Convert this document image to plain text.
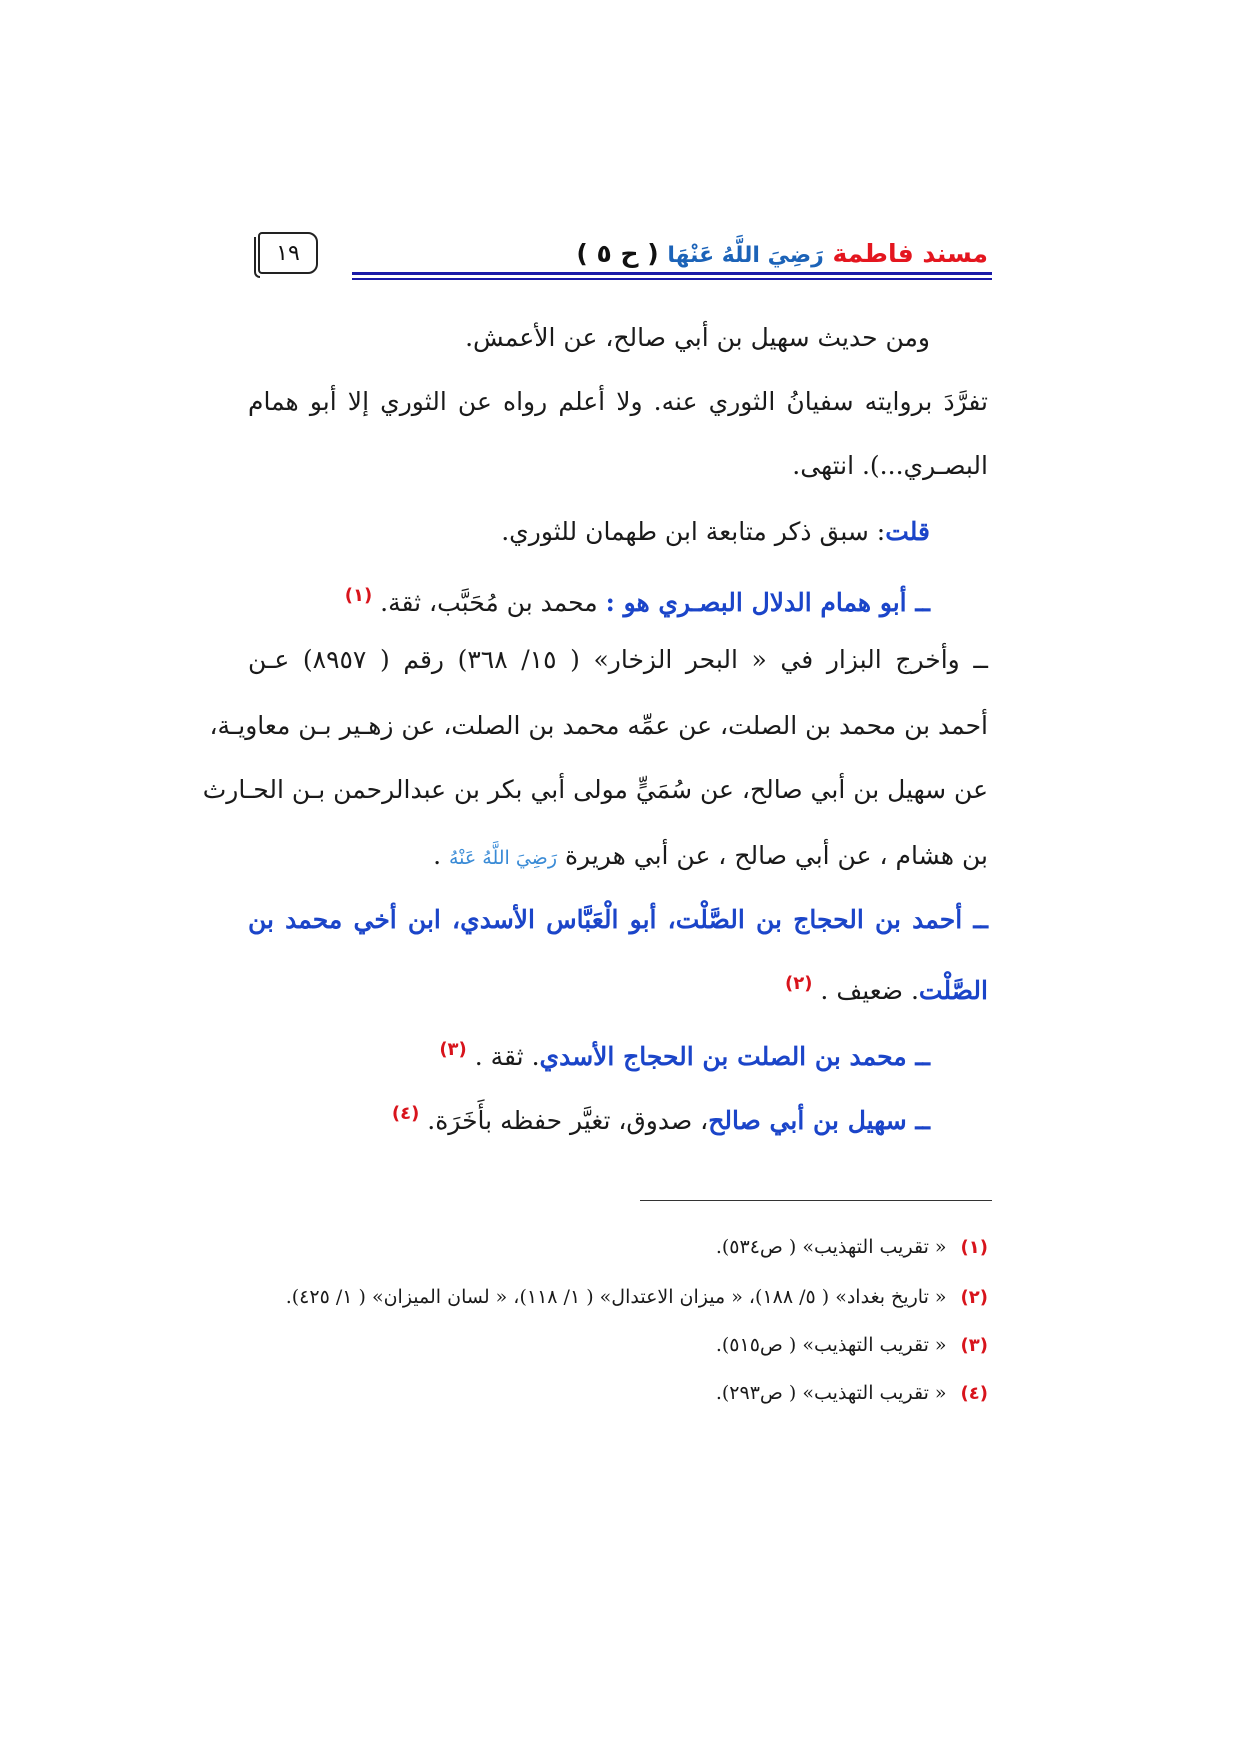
مسند فاطمة رَضِيَ اللَّهُ عَنْهَا ( ح ٥ )
١٩
ومن حديث سهيل بن أبي صالح، عن الأعمش.
تفرَّدَ بروايته سفيانُ الثوري عنه. ولا أعلم رواه عن الثوري إلا أبو همام
البصـري...). انتهى.
قلت: سبق ذكر متابعة ابن طهمان للثوري.
ــ أبو همام الدلال البصـري هو : محمد بن مُحَبَّب، ثقة. $^{(١)}$
ــ وأخرج البزار في « البحر الزخار» ( ١٥/ ٣٦٨) رقم ( ٨٩٥٧) عـن
أحمد بن محمد بن الصلت، عن عمِّه محمد بن الصلت، عن زهـير بـن معاويـة،
عن سهيل بن أبي صالح، عن سُمَيٍّ مولى أبي بكر بن عبدالرحمن بـن الحـارث
بن هشام ، عن أبي صالح ، عن أبي هريرة رَضِيَ اللَّهُ عَنْهُ .
ــ أحمد بن الحجاج بن الصَّلْت، أبو الْعَبَّاس الأسدي، ابن أخي محمد بن
الصَّلْت. ضعيف . $^{(٢)}$
ــ محمد بن الصلت بن الحجاج الأسدي. ثقة . $^{(٣)}$
ــ سهيل بن أبي صالح، صدوق، تغيَّر حفظه بأَخَرَة. $^{(٤)}$
(١)« تقريب التهذيب» ( ص٥٣٤).
(٢)« تاريخ بغداد» ( ٥/ ١٨٨)، « ميزان الاعتدال» ( ١/ ١١٨)، « لسان الميزان» ( ١/ ٤٢٥).
(٣)« تقريب التهذيب» ( ص٥١٥).
(٤)« تقريب التهذيب» ( ص٢٩٣).
